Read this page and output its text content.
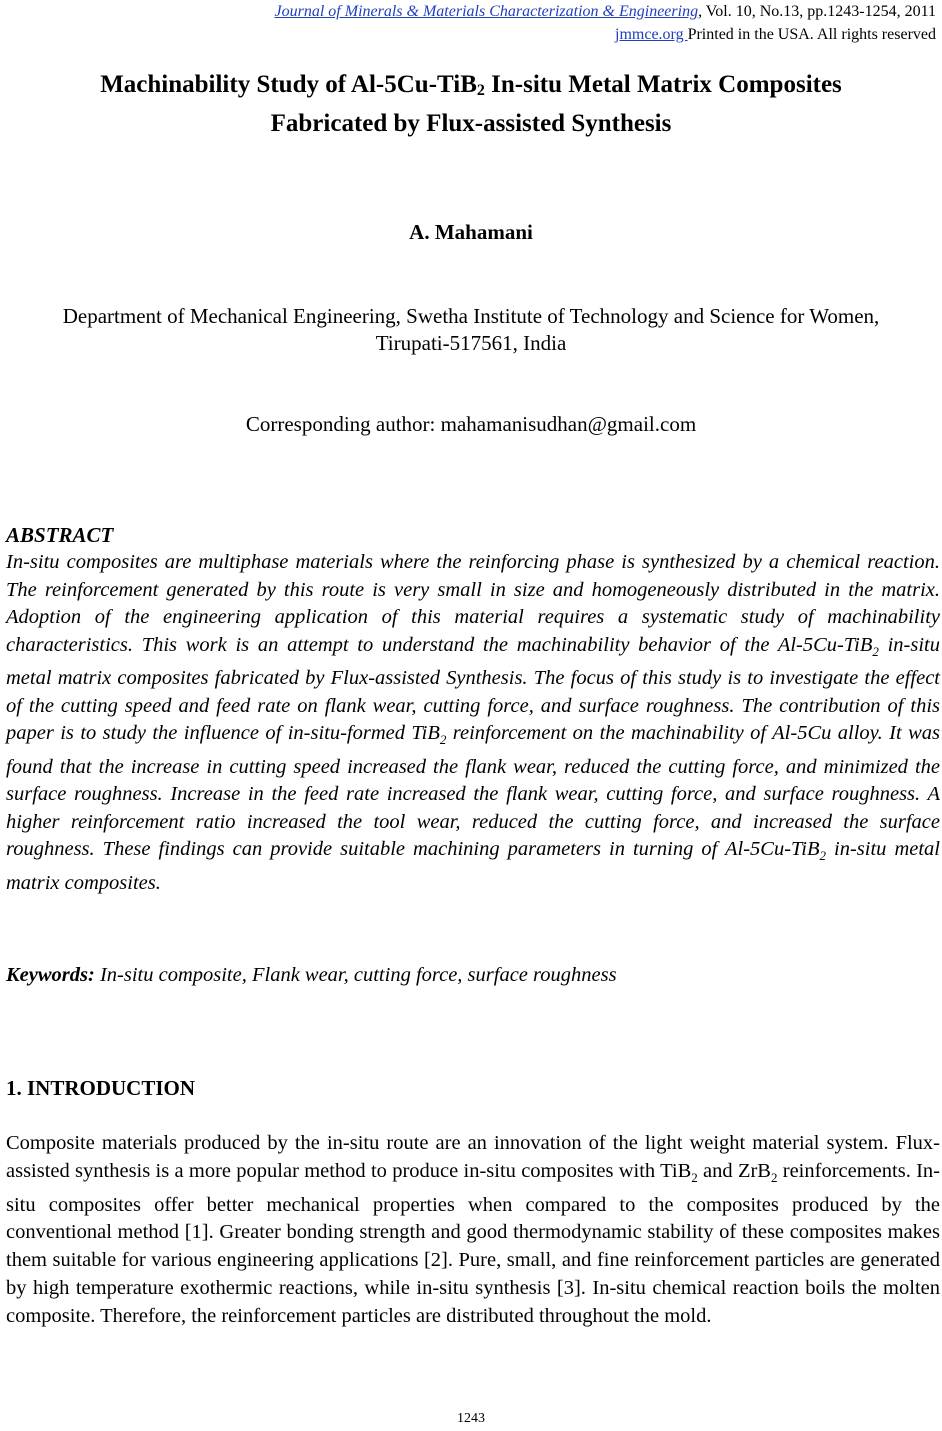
Journal of Minerals & Materials Characterization & Engineering, Vol. 10, No.13, pp.1243-1254, 2011
jmmce.org Printed in the USA. All rights reserved
Machinability Study of Al-5Cu-TiB$_2$ In-situ Metal Matrix Composites
Fabricated by Flux-assisted Synthesis
A. Mahamani
Department of Mechanical Engineering, Swetha Institute of Technology and Science for Women,
Tirupati-517561, India
Corresponding author: mahamanisudhan@gmail.com
ABSTRACT

In-situ composites are multiphase materials where the reinforcing phase is synthesized by a chemical reaction. The reinforcement generated by this route is very small in size and homogeneously distributed in the matrix. Adoption of the engineering application of this material requires a systematic study of machinability characteristics. This work is an attempt to understand the machinability behavior of the Al-5Cu-TiB$_2$ in-situ metal matrix composites fabricated by Flux-assisted Synthesis. The focus of this study is to investigate the effect of the cutting speed and feed rate on flank wear, cutting force, and surface roughness. The contribution of this paper is to study the influence of in-situ-formed TiB$_2$ reinforcement on the machinability of Al-5Cu alloy. It was found that the increase in cutting speed increased the flank wear, reduced the cutting force, and minimized the surface roughness. Increase in the feed rate increased the flank wear, cutting force, and surface roughness. A higher reinforcement ratio increased the tool wear, reduced the cutting force, and increased the surface roughness. These findings can provide suitable machining parameters in turning of Al-5Cu-TiB$_2$ in-situ metal matrix composites.

Keywords: In-situ composite, Flank wear, cutting force, surface roughness
1. INTRODUCTION

Composite materials produced by the in-situ route are an innovation of the light weight material system. Flux-assisted synthesis is a more popular method to produce in-situ composites with TiB$_2$ and ZrB$_2$ reinforcements. In-situ composites offer better mechanical properties when compared to the composites produced by the conventional method [1]. Greater bonding strength and good thermodynamic stability of these composites makes them suitable for various engineering applications [2]. Pure, small, and fine reinforcement particles are generated by high temperature exothermic reactions, while in-situ synthesis [3]. In-situ chemical reaction boils the molten composite. Therefore, the reinforcement particles are distributed throughout the mold.

1243
